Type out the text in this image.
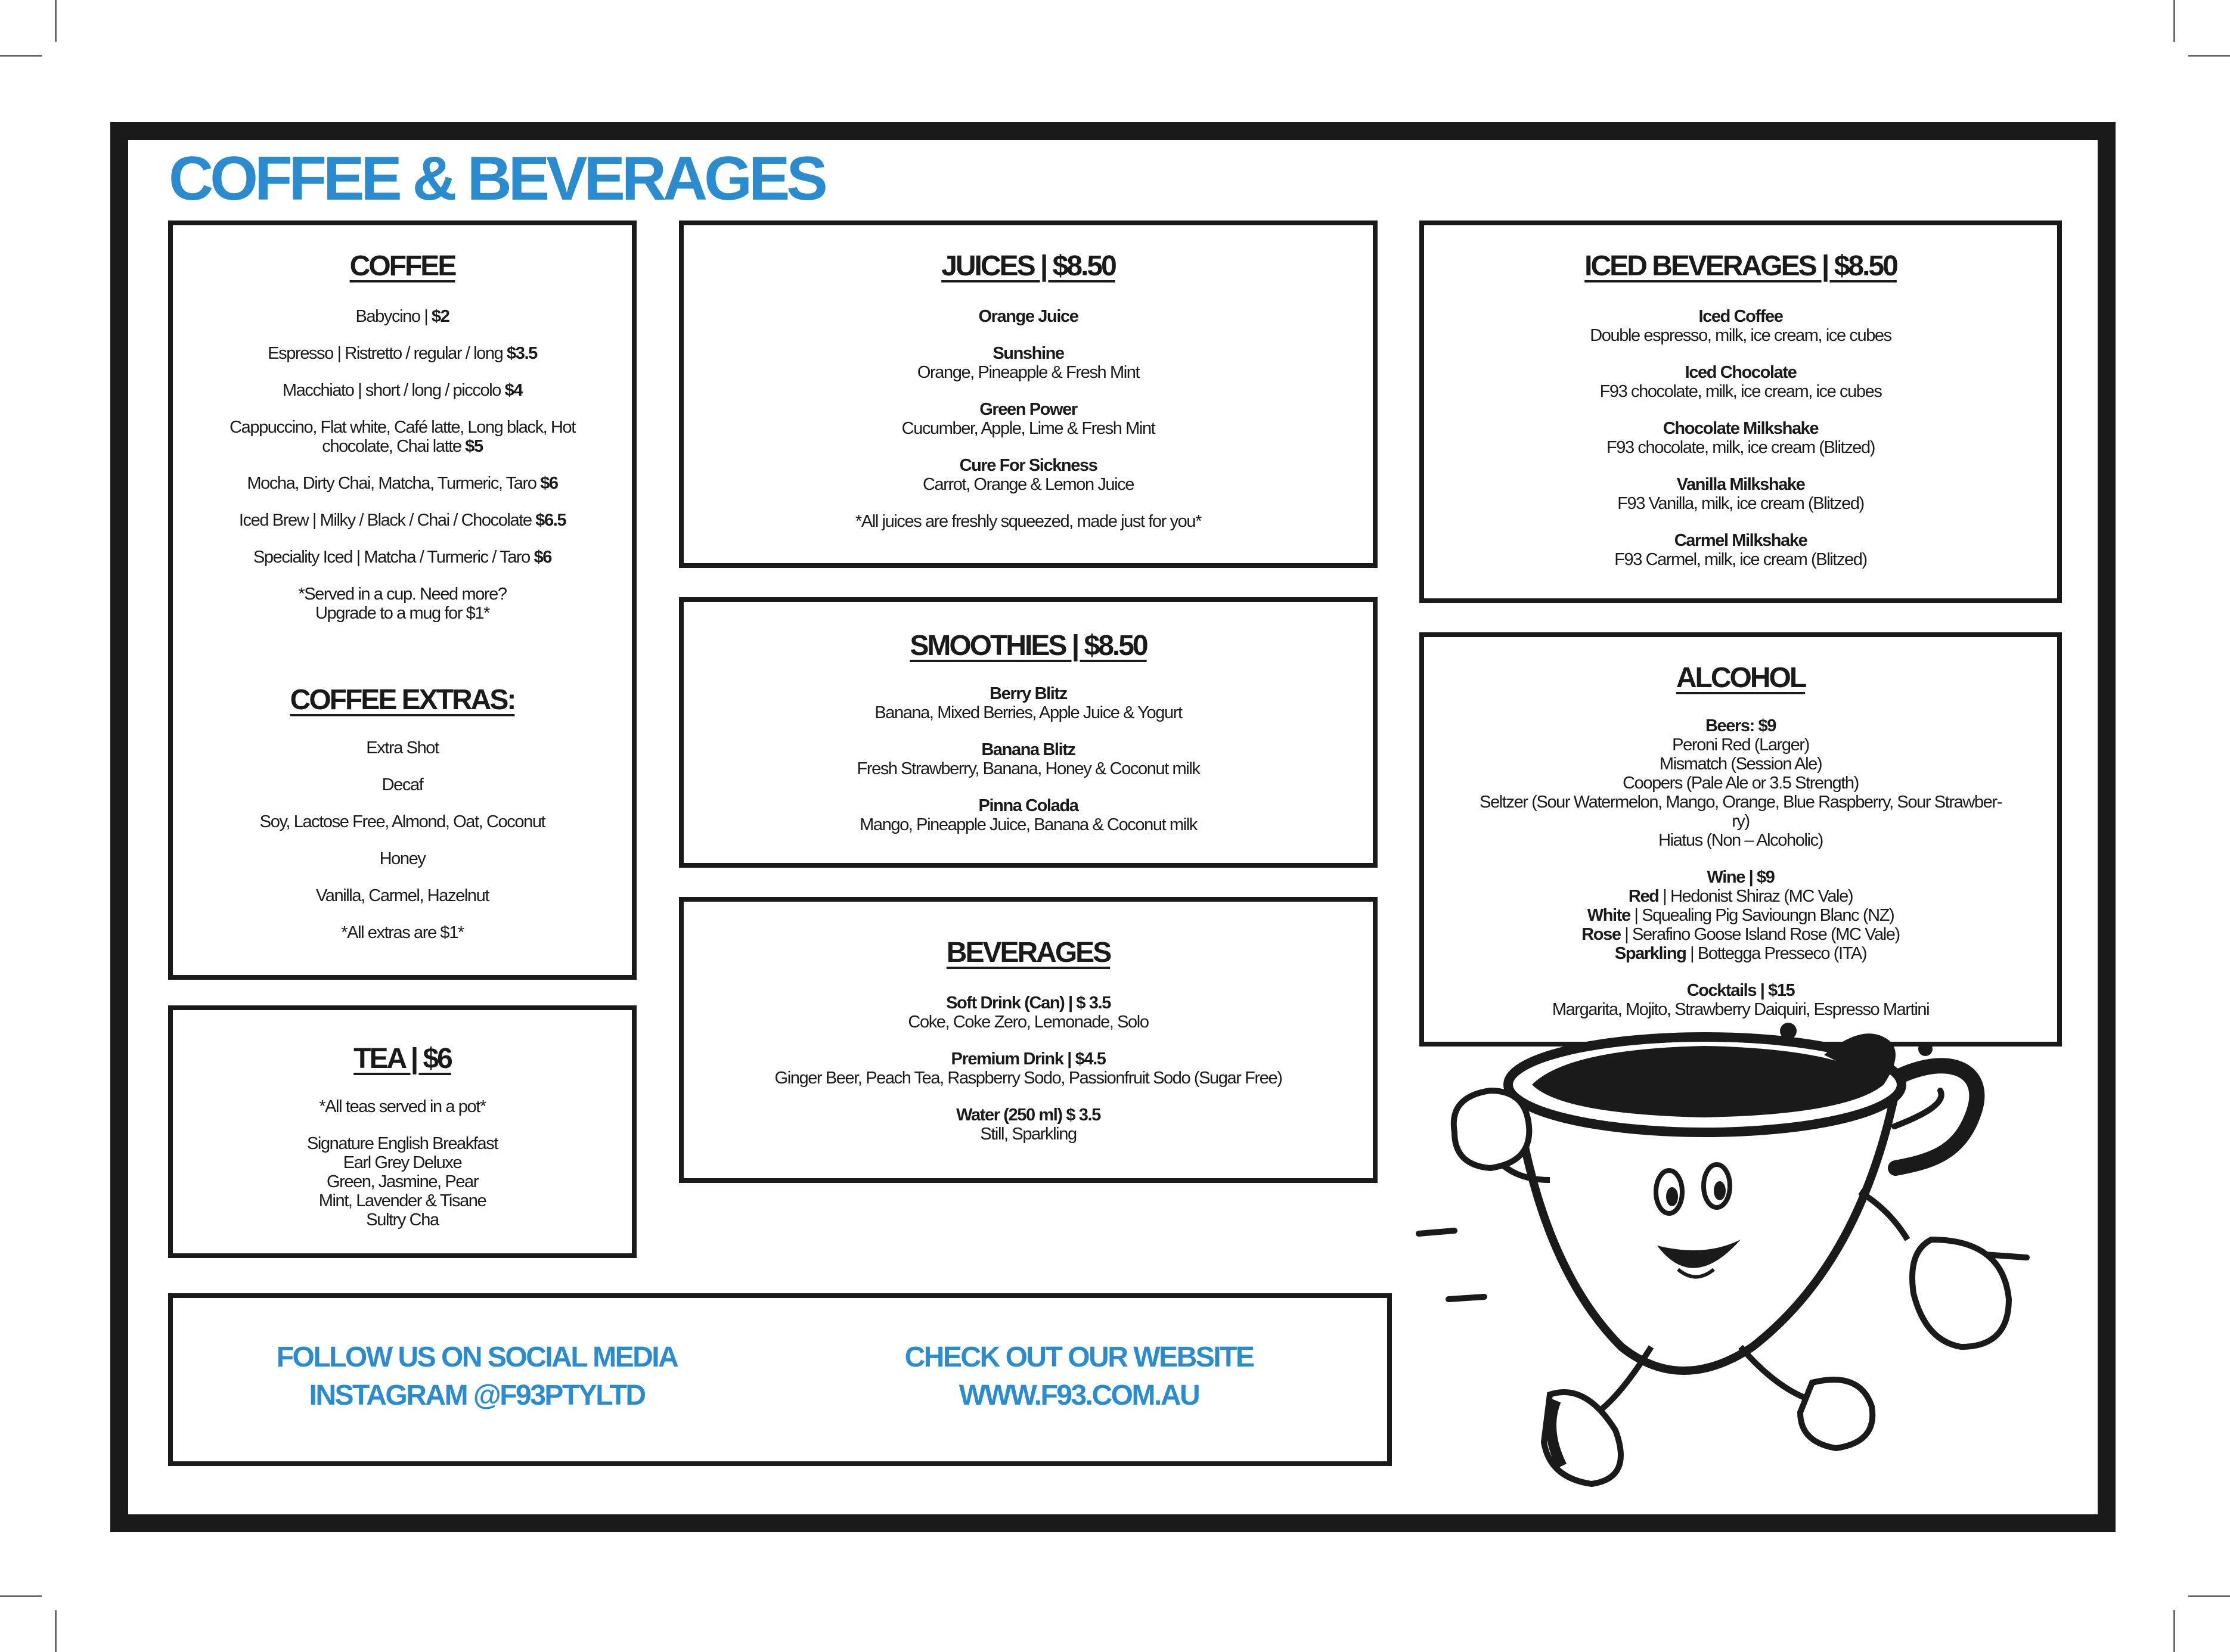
COFFEE & BEVERAGES
COFFEE
Babycino | $2
Espresso | Ristretto / regular / long $3.5
Macchiato | short / long / piccolo $4
Cappuccino, Flat white, Café latte, Long black, Hot chocolate, Chai latte $5
Mocha, Dirty Chai, Matcha, Turmeric, Taro $6
Iced Brew | Milky / Black / Chai / Chocolate $6.5
Speciality Iced | Matcha / Turmeric / Taro $6
*Served in a cup. Need more?
Upgrade to a mug for $1*
COFFEE EXTRAS:
Extra Shot
Decaf
Soy, Lactose Free, Almond, Oat, Coconut
Honey
Vanilla, Carmel, Hazelnut
*All extras are $1*
TEA | $6
*All teas served in a pot*
Signature English Breakfast
Earl Grey Deluxe
Green, Jasmine, Pear
Mint, Lavender & Tisane
Sultry Cha
JUICES | $8.50
Orange Juice
Sunshine
Orange, Pineapple & Fresh Mint
Green Power
Cucumber, Apple, Lime & Fresh Mint
Cure For Sickness
Carrot, Orange & Lemon Juice
*All juices are freshly squeezed, made just for you*
SMOOTHIES | $8.50
Berry Blitz
Banana, Mixed Berries, Apple Juice & Yogurt
Banana Blitz
Fresh Strawberry, Banana, Honey & Coconut milk
Pinna Colada
Mango, Pineapple Juice, Banana & Coconut milk
BEVERAGES
Soft Drink (Can) | $ 3.5
Coke, Coke Zero, Lemonade, Solo
Premium Drink | $4.5
Ginger Beer, Peach Tea, Raspberry Sodo, Passionfruit Sodo (Sugar Free)
Water (250 ml) $ 3.5
Still, Sparkling
ICED BEVERAGES | $8.50
Iced Coffee
Double espresso, milk, ice cream, ice cubes
Iced Chocolate
F93 chocolate, milk, ice cream, ice cubes
Chocolate Milkshake
F93 chocolate, milk, ice cream (Blitzed)
Vanilla Milkshake
F93 Vanilla, milk, ice cream (Blitzed)
Carmel Milkshake
F93 Carmel, milk, ice cream (Blitzed)
ALCOHOL
Beers: $9
Peroni Red (Larger)
Mismatch (Session Ale)
Coopers (Pale Ale or 3.5 Strength)
Seltzer (Sour Watermelon, Mango, Orange, Blue Raspberry, Sour Strawber-
ry)
Hiatus (Non – Alcoholic)
Wine | $9
Red | Hedonist Shiraz (MC Vale)
White | Squealing Pig Savioungn Blanc (NZ)
Rose | Serafino Goose Island Rose (MC Vale)
Sparkling | Bottegga Presseco (ITA)
Cocktails | $15
Margarita, Mojito, Strawberry Daiquiri, Espresso Martini
FOLLOW US ON SOCIAL MEDIA
INSTAGRAM @F93PTYLTD
CHECK OUT OUR WEBSITE
WWW.F93.COM.AU
